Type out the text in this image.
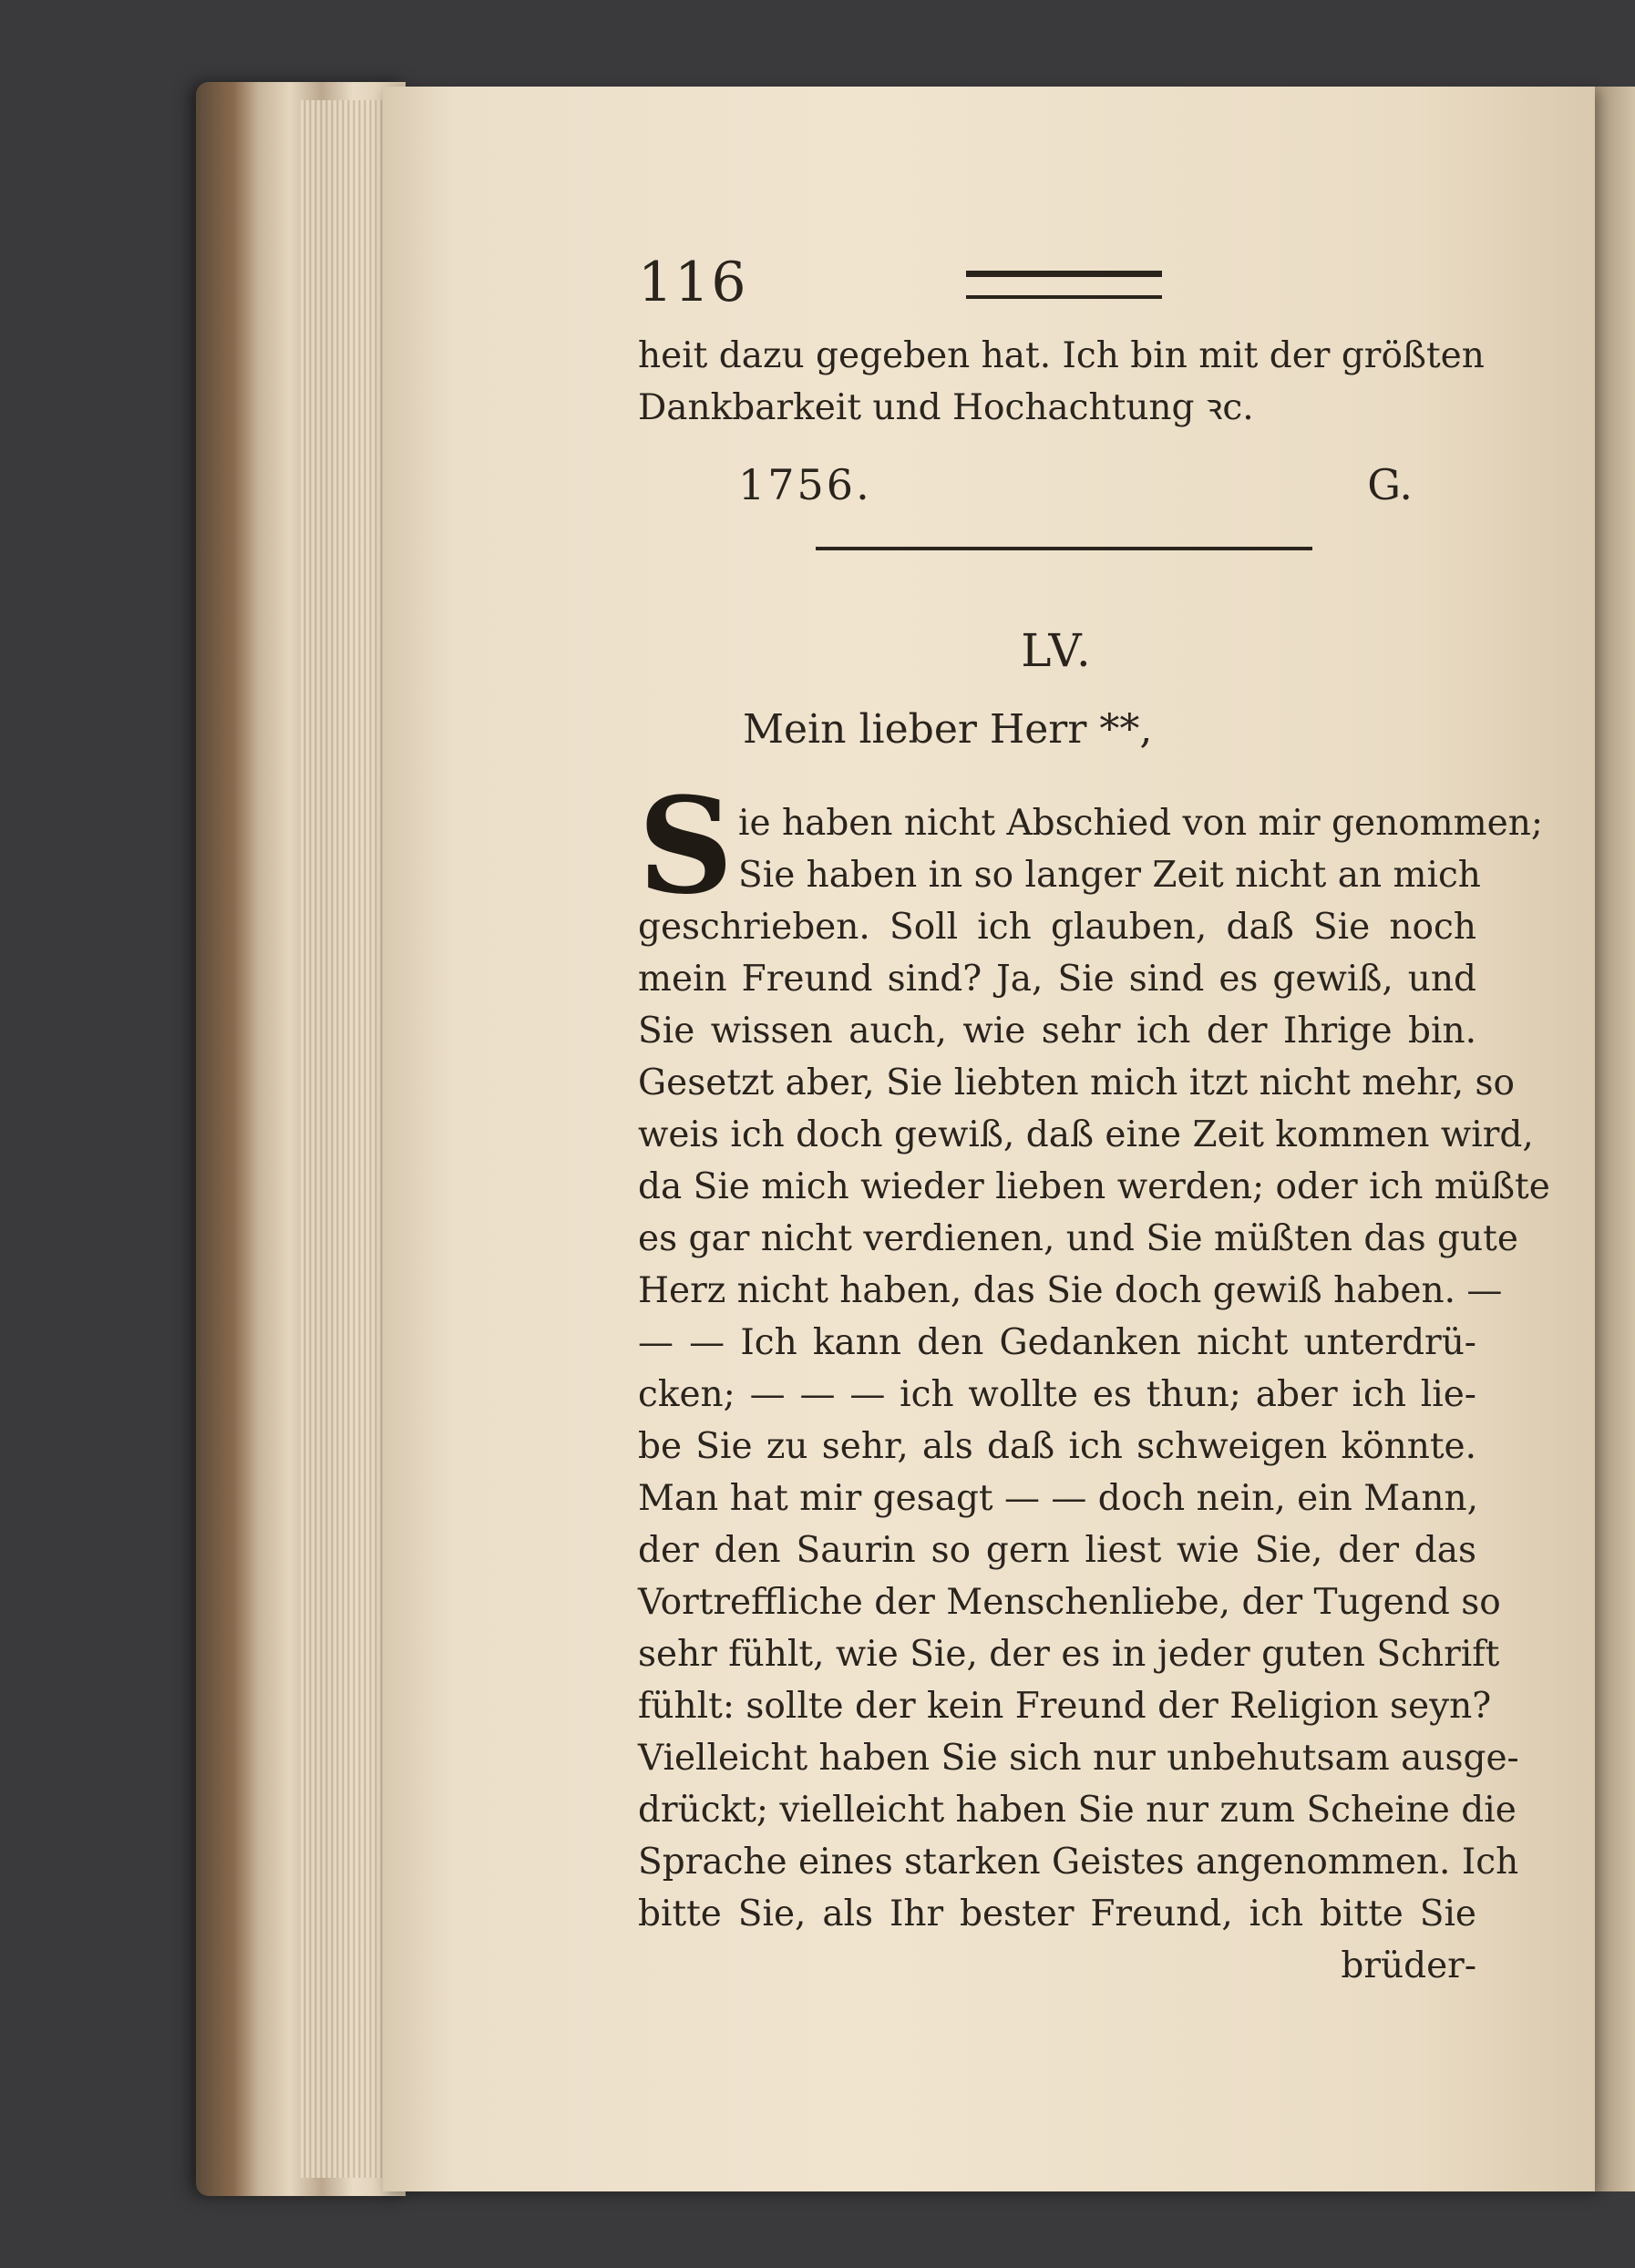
116
heit dazu gegeben hat. Ich bin mit der größten
Dankbarkeit und Hochachtung ꝛc.
1756.	G.
LV.
Mein lieber Herr **,
S ie haben nicht Abschied von mir genommen;
Sie haben in so langer Zeit nicht an mich
geschrieben. Soll ich glauben, daß Sie noch
mein Freund sind? Ja, Sie sind es gewiß, und
Sie wissen auch, wie sehr ich der Ihrige bin.
Gesetzt aber, Sie liebten mich itzt nicht mehr, so
weis ich doch gewiß, daß eine Zeit kommen wird,
da Sie mich wieder lieben werden; oder ich müßte
es gar nicht verdienen, und Sie müßten das gute
Herz nicht haben, das Sie doch gewiß haben. —
— — Ich kann den Gedanken nicht unterdrü-
cken; — — — ich wollte es thun; aber ich lie-
be Sie zu sehr, als daß ich schweigen könnte.
Man hat mir gesagt — — doch nein, ein Mann,
der den Saurin so gern liest wie Sie, der das
Vortreffliche der Menschenliebe, der Tugend so
sehr fühlt, wie Sie, der es in jeder guten Schrift
fühlt: sollte der kein Freund der Religion seyn?
Vielleicht haben Sie sich nur unbehutsam ausge-
drückt; vielleicht haben Sie nur zum Scheine die
Sprache eines starken Geistes angenommen. Ich
bitte Sie, als Ihr bester Freund, ich bitte Sie
brüder-
